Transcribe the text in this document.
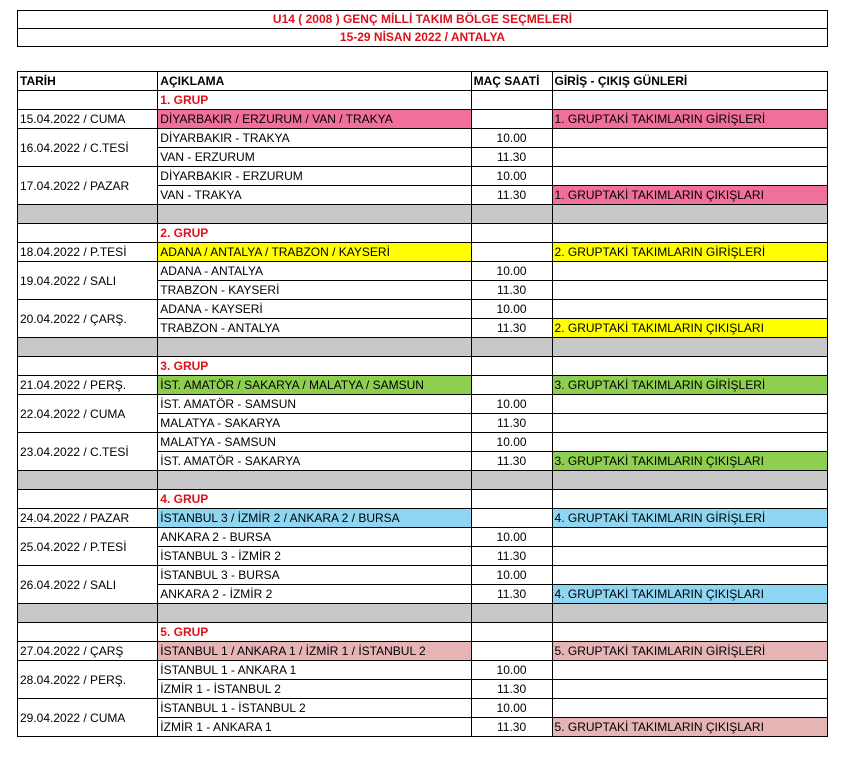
U14 ( 2008 ) GENÇ MİLLİ TAKIM BÖLGE SEÇMELERİ
15-29 NİSAN 2022 / ANTALYA
TARİH	AÇIKLAMA	MAÇ SAATİ	GİRİŞ - ÇIKIŞ GÜNLERİ
	1. GRUP		
15.04.2022 / CUMA	DİYARBAKIR / ERZURUM / VAN / TRAKYA		1. GRUPTAKİ TAKIMLARIN GİRİŞLERİ
16.04.2022 / C.TESİ	DİYARBAKIR - TRAKYA	10.00	
	VAN - ERZURUM	11.30	
17.04.2022 / PAZAR	DİYARBAKIR - ERZURUM	10.00	
	VAN - TRAKYA	11.30	1. GRUPTAKİ TAKIMLARIN ÇIKIŞLARI

	2. GRUP		
18.04.2022 / P.TESİ	ADANA / ANTALYA / TRABZON / KAYSERİ		2. GRUPTAKİ TAKIMLARIN GİRİŞLERİ
19.04.2022 / SALI	ADANA - ANTALYA	10.00	
	TRABZON - KAYSERİ	11.30	
20.04.2022 / ÇARŞ.	ADANA - KAYSERİ	10.00	
	TRABZON - ANTALYA	11.30	2. GRUPTAKİ TAKIMLARIN ÇIKIŞLARI

	3. GRUP		
21.04.2022 / PERŞ.	İST. AMATÖR / SAKARYA / MALATYA / SAMSUN		3. GRUPTAKİ TAKIMLARIN GİRİŞLERİ
22.04.2022 / CUMA	İST. AMATÖR - SAMSUN	10.00	
	MALATYA - SAKARYA	11.30	
23.04.2022 / C.TESİ	MALATYA - SAMSUN	10.00	
	İST. AMATÖR - SAKARYA	11.30	3. GRUPTAKİ TAKIMLARIN ÇIKIŞLARI

	4. GRUP		
24.04.2022 / PAZAR	İSTANBUL 3 / İZMİR 2 / ANKARA 2 / BURSA		4. GRUPTAKİ TAKIMLARIN GİRİŞLERİ
25.04.2022 / P.TESİ	ANKARA 2 - BURSA	10.00	
	İSTANBUL 3 - İZMİR 2	11.30	
26.04.2022 / SALI	İSTANBUL 3 - BURSA	10.00	
	ANKARA 2 - İZMİR 2	11.30	4. GRUPTAKİ TAKIMLARIN ÇIKIŞLARI

	5. GRUP		
27.04.2022 / ÇARŞ	İSTANBUL 1 / ANKARA 1 / İZMİR 1 / İSTANBUL 2		5. GRUPTAKİ TAKIMLARIN GİRİŞLERİ
28.04.2022 / PERŞ.	İSTANBUL 1 - ANKARA 1	10.00	
	İZMİR 1 - İSTANBUL 2	11.30	
29.04.2022 / CUMA	İSTANBUL 1 - İSTANBUL 2	10.00	
	İZMİR 1 - ANKARA 1	11.30	5. GRUPTAKİ TAKIMLARIN ÇIKIŞLARI
